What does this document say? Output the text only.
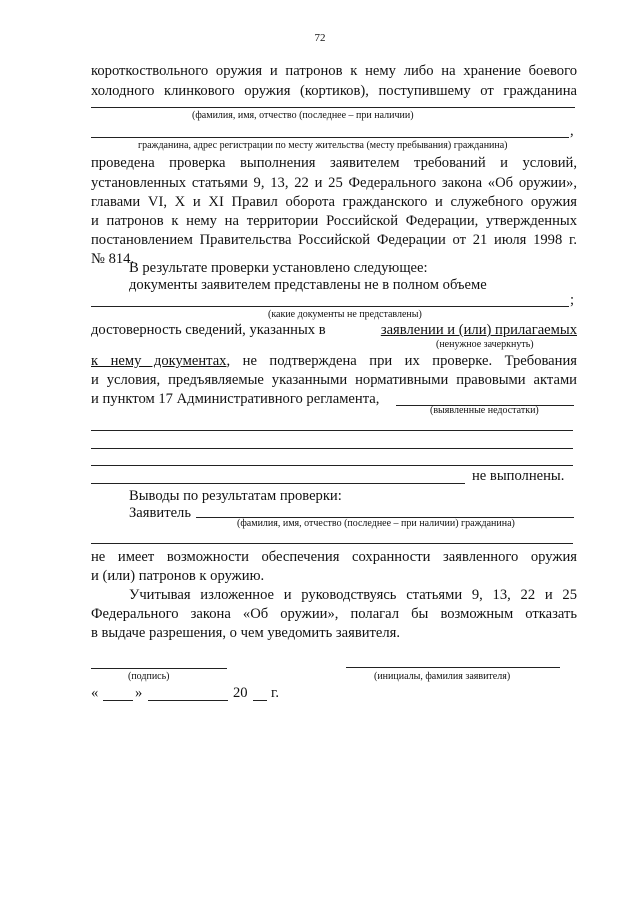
72
короткоствольного оружия и патронов к нему либо на хранение боевого
холодного клинкового оружия (кортиков), поступившему от гражданина
(фамилия, имя, отчество (последнее – при наличии)
,
гражданина, адрес регистрации по месту жительства (месту пребывания) гражданина)
проведена проверка выполнения заявителем требований и условий,
установленных статьями 9, 13, 22 и 25 Федерального закона «Об оружии»,
главами VI, X и XI Правил оборота гражданского и служебного оружия
и патронов к нему на территории Российской Федерации, утвержденных
постановлением Правительства Российской Федерации от 21 июля 1998 г.
№ 814.
В результате проверки установлено следующее:
документы заявителем представлены не в полном объеме
;
(какие документы не представлены)
достоверность сведений, указанных в	заявлении и (или) прилагаемых
(ненужное зачеркнуть)
к нему документах, не подтверждена при их проверке. Требования
и условия, предъявляемые указанными нормативными правовыми актами
и пунктом 17 Административного регламента,
(выявленные недостатки)
не выполнены.
Выводы по результатам проверки:
Заявитель
(фамилия, имя, отчество (последнее – при наличии) гражданина)
не имеет возможности обеспечения сохранности заявленного оружия
и (или) патронов к оружию.
Учитывая изложенное и руководствуясь статьями 9, 13, 22 и 25
Федерального закона «Об оружии», полагал бы возможным отказать
в выдаче разрешения, о чем уведомить заявителя.
(подпись)	(инициалы, фамилия заявителя)
«	»	20	г.
